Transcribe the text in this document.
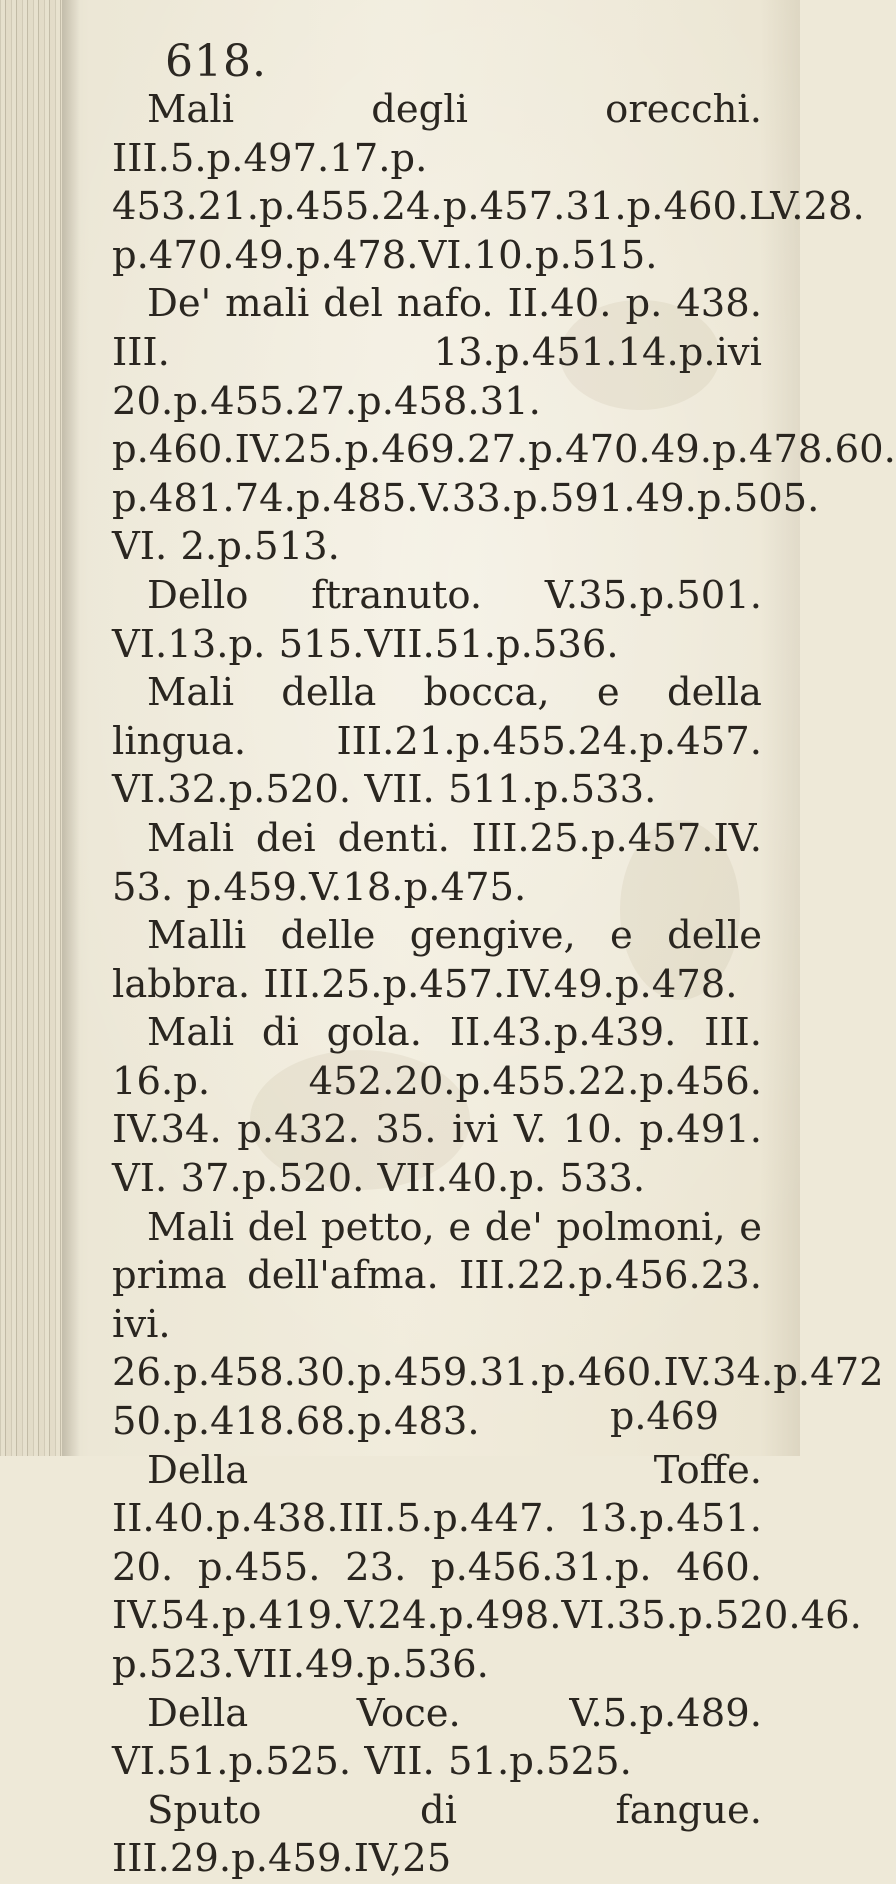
618.

Mali degli orecchi. III.5.p.497.17.p. 453.21.p.455.24.p.457.31.p.460.LV.28. p.470.49.p.478.VI.10.p.515.

De' mali del nafo. II.40. p. 438. III. 13.p.451.14.p.ivi 20.p.455.27.p.458.31. p.460.IV.25.p.469.27.p.470.49.p.478.60. p.481.74.p.485.V.33.p.591.49.p.505. VI. 2.p.513.

Dello ftranuto. V.35.p.501. VI.13.p. 515.VII.51.p.536.

Mali della bocca, e della lingua. III.21.p.455.24.p.457. VI.32.p.520. VII. 511.p.533.

Mali dei denti. III.25.p.457.IV. 53. p.459.V.18.p.475.

Malli delle gengive, e delle labbra. III.25.p.457.IV.49.p.478.

Mali di gola. II.43.p.439. III. 16.p. 452.20.p.455.22.p.456. IV.34. p.432. 35. ivi V. 10. p.491. VI. 37.p.520. VII.40.p. 533.

Mali del petto, e de' polmoni, e prima dell'afma. III.22.p.456.23. ivi. 26.p.458.30.p.459.31.p.460.IV.34.p.472 50.p.418.68.p.483.

Della Toffe. II.40.p.438.III.5.p.447. 13.p.451. 20. p.455. 23. p.456.31.p. 460. IV.54.p.419.V.24.p.498.VI.35.p.520.46. p.523.VII.49.p.536.

Della Voce.	V.5.p.489. VI.51.p.525. VII. 51.p.525.

Sputo di fangue. III.29.p.459.IV,25

p.469
